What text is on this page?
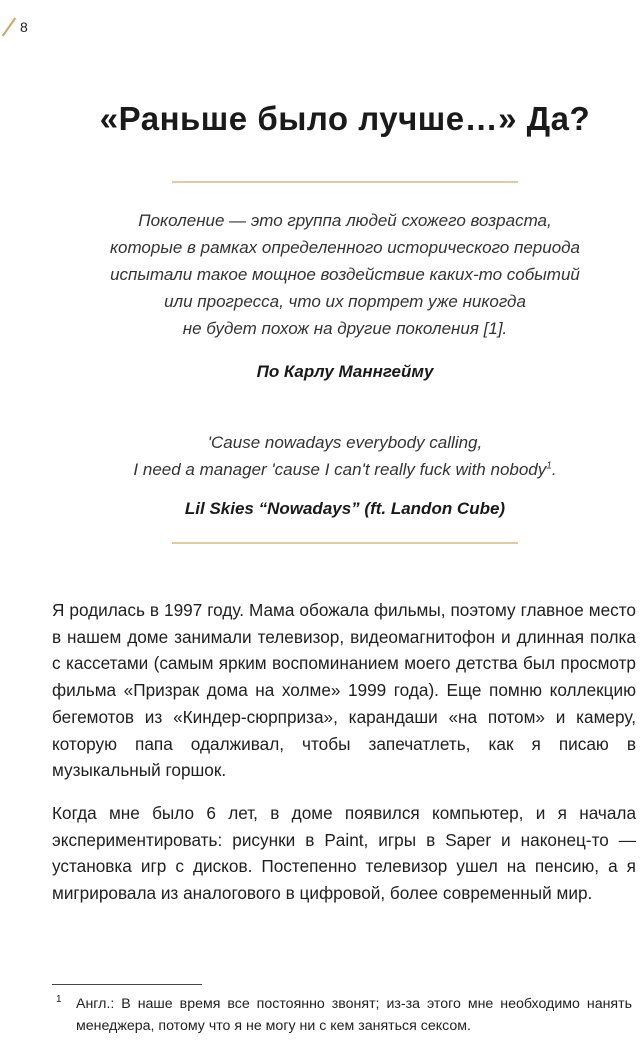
8
«Раньше было лучше…» Да?

Поколение — это группа людей схожего возраста,
которые в рамках определенного исторического периода
испытали такое мощное воздействие каких-то событий
или прогресса, что их портрет уже никогда
не будет похож на другие поколения [1].

По Карлу Маннгейму

'Cause nowadays everybody calling,
I need a manager 'cause I can't really fuck with nobody$^1$.

Lil Skies “Nowadays” (ft. Landon Cube)

Я родилась в 1997 году. Мама обожала фильмы, поэтому главное место в нашем доме занимали телевизор, видеомагнитофон и длинная полка с кассетами (самым ярким воспоминанием моего детства был просмотр фильма «Призрак дома на холме» 1999 года). Еще помню коллекцию бегемотов из «Киндер-сюрприза», карандаши «на потом» и камеру, которую папа одалживал, чтобы запечатлеть, как я писаю в музыкальный горшок.

Когда мне было 6 лет, в доме появился компьютер, и я начала экспериментировать: рисунки в Paint, игры в Saper и наконец-то — установка игр с дисков. Постепенно телевизор ушел на пенсию, а я мигрировала из аналогового в цифровой, более современный мир.

1 Англ.: В наше время все постоянно звонят; из-за этого мне необходимо нанять менеджера, потому что я не могу ни с кем заняться сексом.
